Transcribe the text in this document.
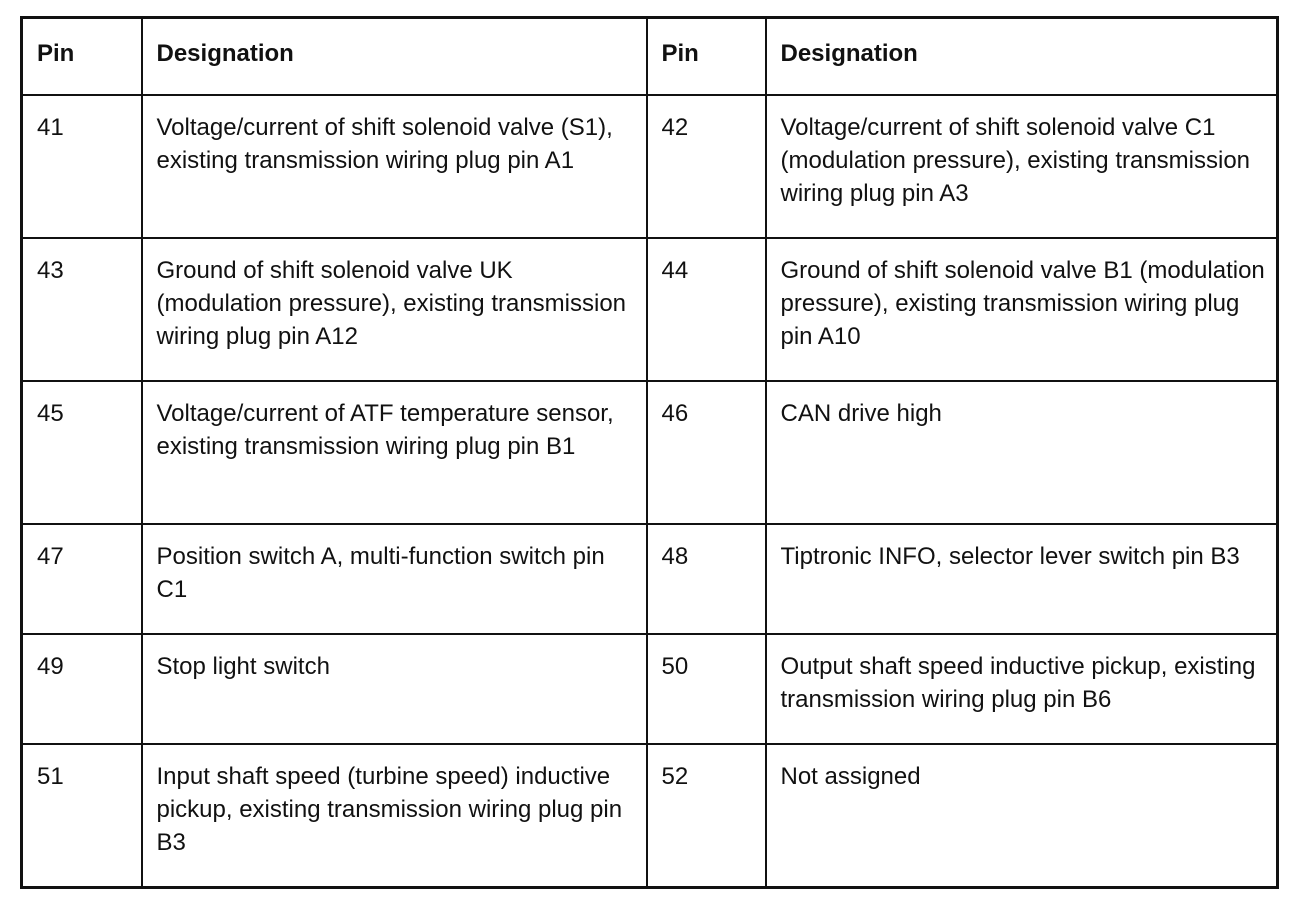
Pin	Designation	Pin	Designation
41	Voltage/current of shift solenoid valve (S1), existing transmission wiring plug pin A1	42	Voltage/current of shift solenoid valve C1 (modulation pressure), existing transmission wiring plug pin A3
43	Ground of shift solenoid valve UK (modulation pressure), existing transmission wiring plug pin A12	44	Ground of shift solenoid valve B1 (modulation pressure), existing transmission wiring plug pin A10
45	Voltage/current of ATF temperature sensor, existing transmission wiring plug pin B1	46	CAN drive high
47	Position switch A, multi-function switch pin C1	48	Tiptronic INFO, selector lever switch pin B3
49	Stop light switch	50	Output shaft speed inductive pickup, existing transmission wiring plug pin B6
51	Input shaft speed (turbine speed) inductive pickup, existing transmission wiring plug pin B3	52	Not assigned
